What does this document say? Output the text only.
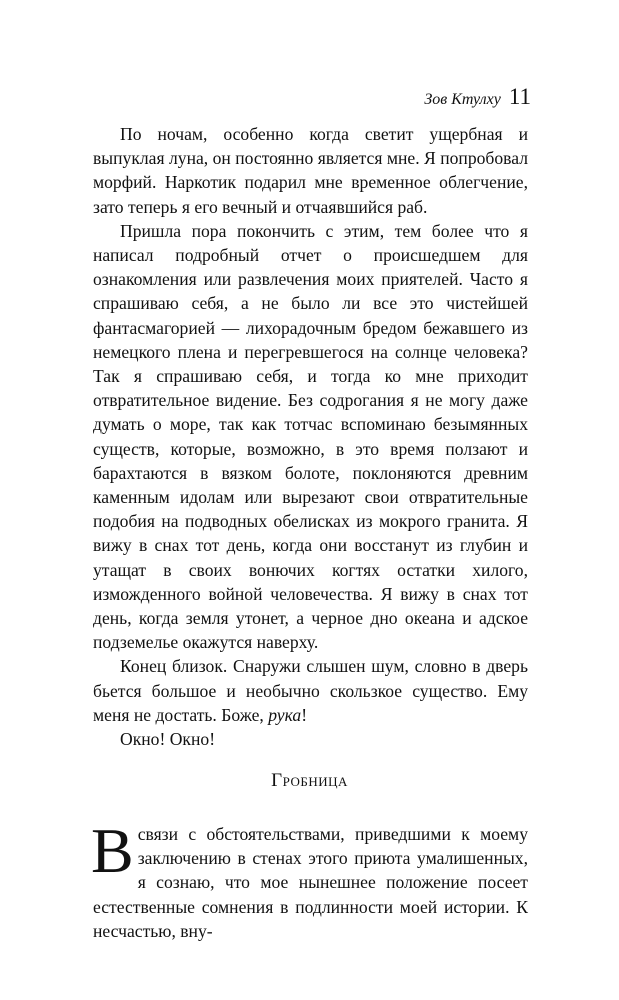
Зов Ктулху 11

По ночам, особенно когда светит ущербная и выпуклая луна, он постоянно является мне. Я попробовал морфий. Наркотик подарил мне временное облегчение, зато теперь я его вечный и отчаявшийся раб.

Пришла пора покончить с этим, тем более что я написал подробный отчет о происшедшем для ознакомления или развлечения моих приятелей. Часто я спрашиваю себя, а не было ли все это чистейшей фантасмагорией — лихорадочным бредом бежавшего из немецкого плена и перегревшегося на солнце человека? Так я спрашиваю себя, и тогда ко мне приходит отвратительное видение. Без содрогания я не могу даже думать о море, так как тотчас вспоминаю безымянных существ, которые, возможно, в это время ползают и барахтаются в вязком болоте, поклоняются древним каменным идолам или вырезают свои отвратительные подобия на подводных обелисках из мокрого гранита. Я вижу в снах тот день, когда они восстанут из глубин и утащат в своих вонючих когтях остатки хилого, изможденного войной человечества. Я вижу в снах тот день, когда земля утонет, а черное дно океана и адское подземелье окажутся наверху.

Конец близок. Снаружи слышен шум, словно в дверь бьется большое и необычно скользкое существо. Ему меня не достать. Боже, рука!

Окно! Окно!

Гробница

Всвязи с обстоятельствами, приведшими к моему заключению в стенах этого приюта умалишенных, я сознаю, что мое нынешнее положение посеет естественные сомнения в подлинности моей истории. К несчастью, вну-
